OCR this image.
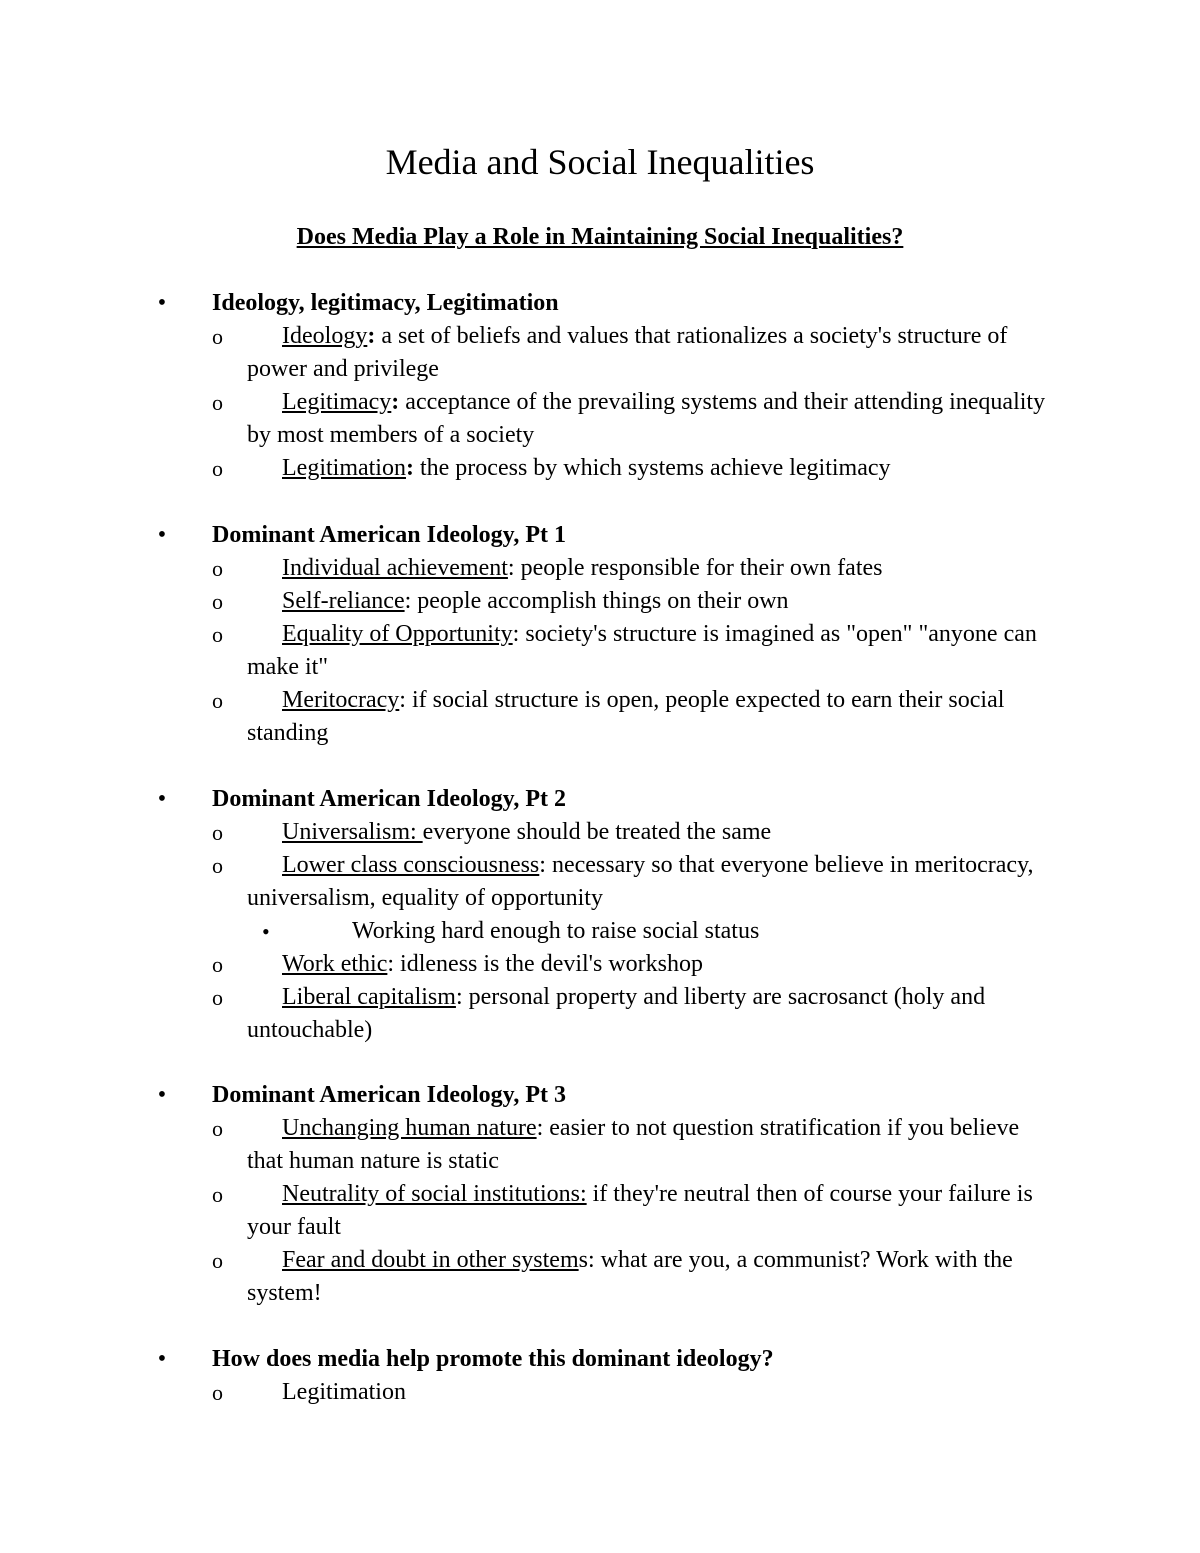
Media and Social Inequalities
Does Media Play a Role in Maintaining Social Inequalities?
• Ideology, legitimacy, Legitimation
o	Ideology: a set of beliefs and values that rationalizes a society's structure of power and privilege
o	Legitimacy: acceptance of the prevailing systems and their attending inequality by most members of a society
o	Legitimation: the process by which systems achieve legitimacy
• Dominant American Ideology, Pt 1
o	Individual achievement: people responsible for their own fates
o	Self-reliance: people accomplish things on their own
o	Equality of Opportunity: society's structure is imagined as "open" "anyone can make it"
o	Meritocracy: if social structure is open, people expected to earn their social standing
• Dominant American Ideology, Pt 2
o	Universalism: everyone should be treated the same
o	Lower class consciousness: necessary so that everyone believe in meritocracy, universalism, equality of opportunity
•	Working hard enough to raise social status
o	Work ethic: idleness is the devil's workshop
o	Liberal capitalism: personal property and liberty are sacrosanct (holy and untouchable)
• Dominant American Ideology, Pt 3
o	Unchanging human nature: easier to not question stratification if you believe that human nature is static
o	Neutrality of social institutions: if they're neutral then of course your failure is your fault
o	Fear and doubt in other systems: what are you, a communist? Work with the system!
• How does media help promote this dominant ideology?
o	Legitimation
